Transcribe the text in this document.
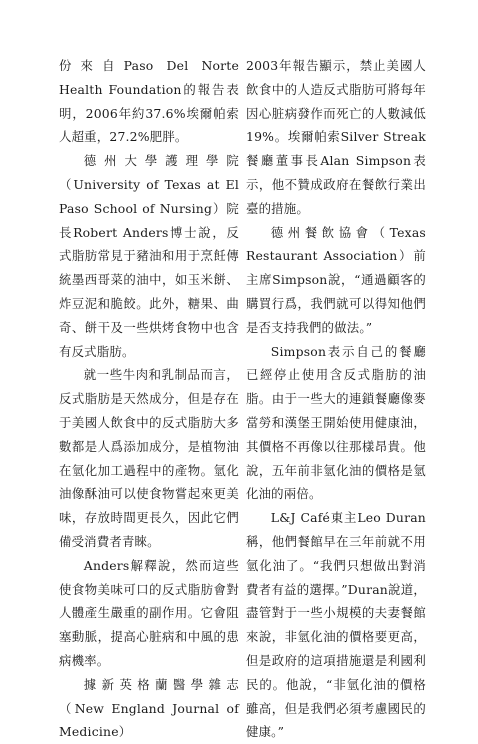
份來自Paso Del Norte Health Foundation的報告表明，2006年約37.6%埃爾帕索人超重，27.2%肥胖。

德州大學護理學院（University of Texas at El Paso School of Nursing）院長Robert Anders博士說，反式脂肪常見于豬油和用于烹飪傳統墨西哥菜的油中，如玉米餅、炸豆泥和脆餃。此外，糖果、曲奇、餅干及一些烘烤食物中也含有反式脂肪。

就一些牛肉和乳制品而言，反式脂肪是天然成分，但是存在于美國人飲食中的反式脂肪大多數都是人爲添加成分，是植物油在氫化加工過程中的產物。氫化油像酥油可以使食物嘗起來更美味，存放時間更長久，因此它們備受消費者青睞。

Anders解釋說，然而這些使食物美味可口的反式脂肪會對人體產生嚴重的副作用。它會阻塞動脈，提高心脏病和中風的患病機率。

據新英格蘭醫學雜志（New England Journal of Medicine）

2003年報告顯示，禁止美國人飲食中的人造反式脂肪可將每年因心脏病發作而死亡的人數減低19%。埃爾帕索Silver Streak餐廳董事長Alan Simpson表示，他不贊成政府在餐飲行業出臺的措施。

德州餐飲協會（Texas Restaurant Association）前主席Simpson說，“通過顧客的購買行爲，我們就可以得知他們是否支持我們的做法。”

Simpson表示自己的餐廳已經停止使用含反式脂肪的油脂。由于一些大的連鎖餐廳像麥當勞和漢堡王開始使用健康油，其價格不再像以往那樣昂貴。他說，五年前非氫化油的價格是氫化油的兩倍。

L&J Café東主Leo Duran稱，他們餐館早在三年前就不用氫化油了。“我們只想做出對消費者有益的選擇。”Duran說道，盡管對于一些小規模的夫妻餐館來說，非氫化油的價格要更高，但是政府的這項措施還是利國利民的。他說，“非氫化油的價格雖高，但是我們必須考慮國民的健康。”
